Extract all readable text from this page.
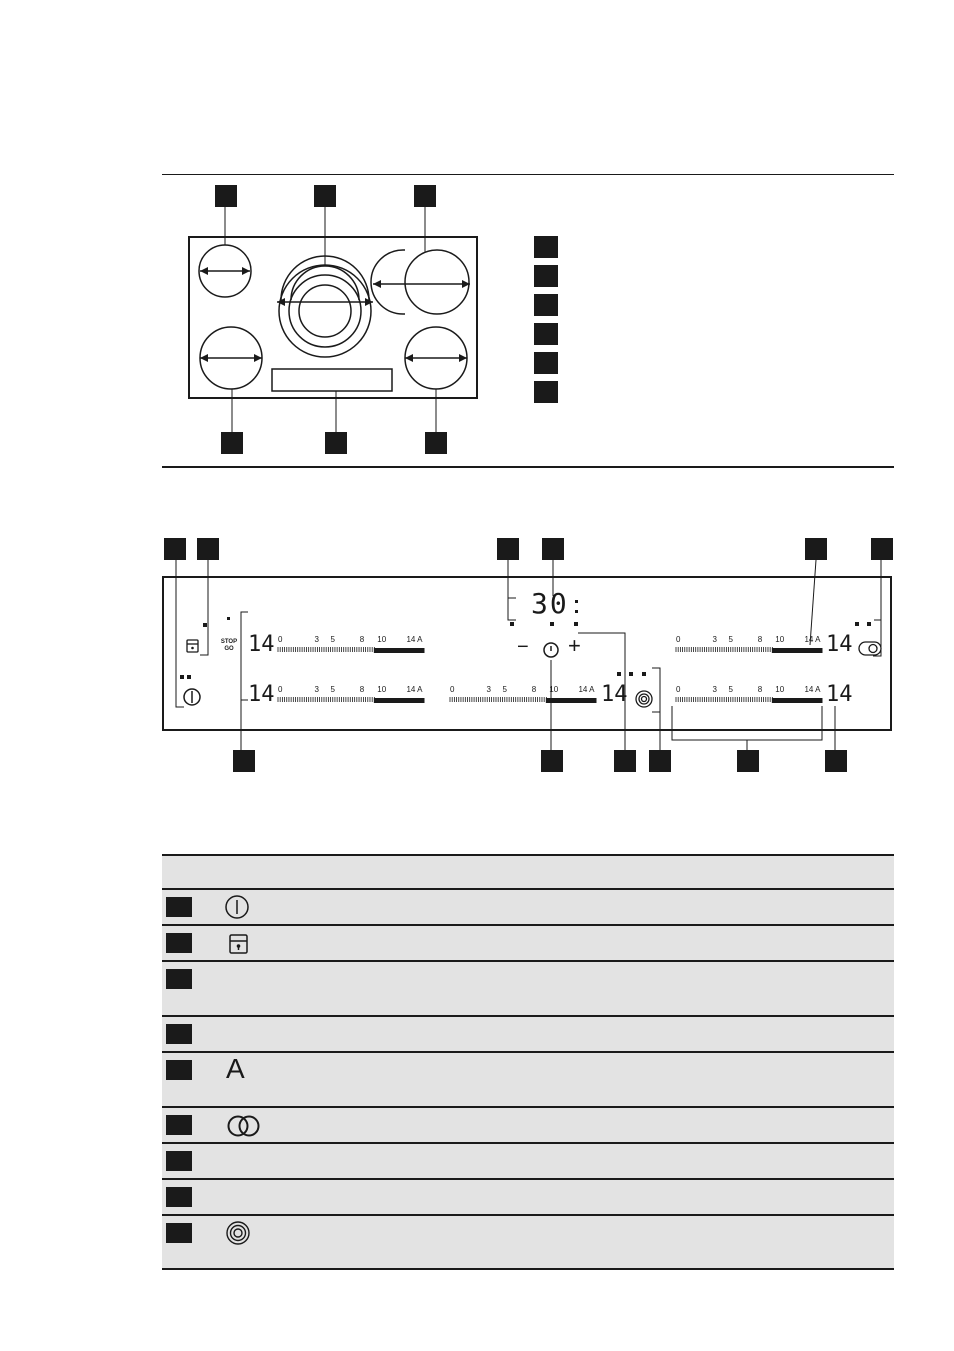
STOP
GO
30
− +
14
14	14
14
14
0	3 5	8 10	14 A
0	3 5	8 10	14 A	0	3 5	8 10	14 A
0	3 5	8 10	14 A
0	3 5	8 10	14 A
A
